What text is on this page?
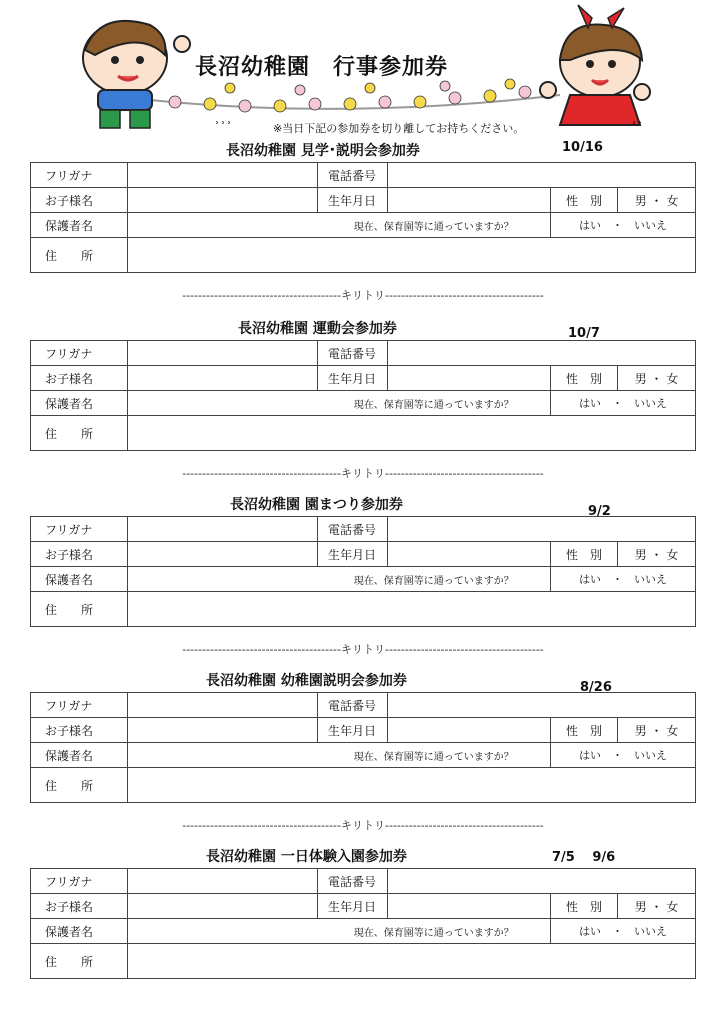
長沼幼稚園　行事参加券
˒˒˒	※当日下記の参加券を切り離してお持ちください。	˒˒
長沼幼稚園 見学･説明会参加券	10/16
フリガナ		電話番号			
お子様名		生年月日		性　別	男 ・ 女
保護者名		現在、保育園等に通っていますか？		はい　・　いいえ	
住　　所					
----------------------------------------キリトリ----------------------------------------
長沼幼稚園 運動会参加券	10/7
フリガナ		電話番号			
お子様名		生年月日		性　別	男 ・ 女
保護者名		現在、保育園等に通っていますか？		はい　・　いいえ	
住　　所					
----------------------------------------キリトリ----------------------------------------
長沼幼稚園 園まつり参加券	9/2
フリガナ		電話番号			
お子様名		生年月日		性　別	男 ・ 女
保護者名		現在、保育園等に通っていますか？		はい　・　いいえ	
住　　所					
----------------------------------------キリトリ----------------------------------------
長沼幼稚園 幼稚園説明会参加券	8/26
フリガナ		電話番号			
お子様名		生年月日		性　別	男 ・ 女
保護者名		現在、保育園等に通っていますか？		はい　・　いいえ	
住　　所					
----------------------------------------キリトリ----------------------------------------
長沼幼稚園 一日体験入園参加券	7/5　 9/6
フリガナ		電話番号			
お子様名		生年月日		性　別	男 ・ 女
保護者名		現在、保育園等に通っていますか？		はい　・　いいえ	
住　　所					
